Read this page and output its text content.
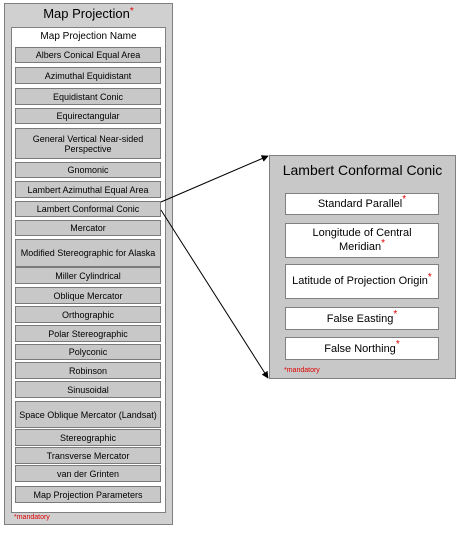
Map Projection*
Map Projection Name
Albers Conical Equal Area
Azimuthal Equidistant
Equidistant Conic
Equirectangular
General Vertical Near-sided Perspective
Gnomonic
Lambert Azimuthal Equal Area
Lambert Conformal Conic
Mercator
Modified Stereographic for Alaska
Miller Cylindrical
Oblique Mercator
Orthographic
Polar Stereographic
Polyconic
Robinson
Sinusoidal
Space Oblique Mercator (Landsat)
Stereographic
Transverse Mercator
van der Grinten
Map Projection Parameters
*mandatory
Lambert Conformal Conic
Standard Parallel *
Longitude of Central Meridian*
Latitude of Projection Origin*
False Easting *
False Northing *
*mandatory
